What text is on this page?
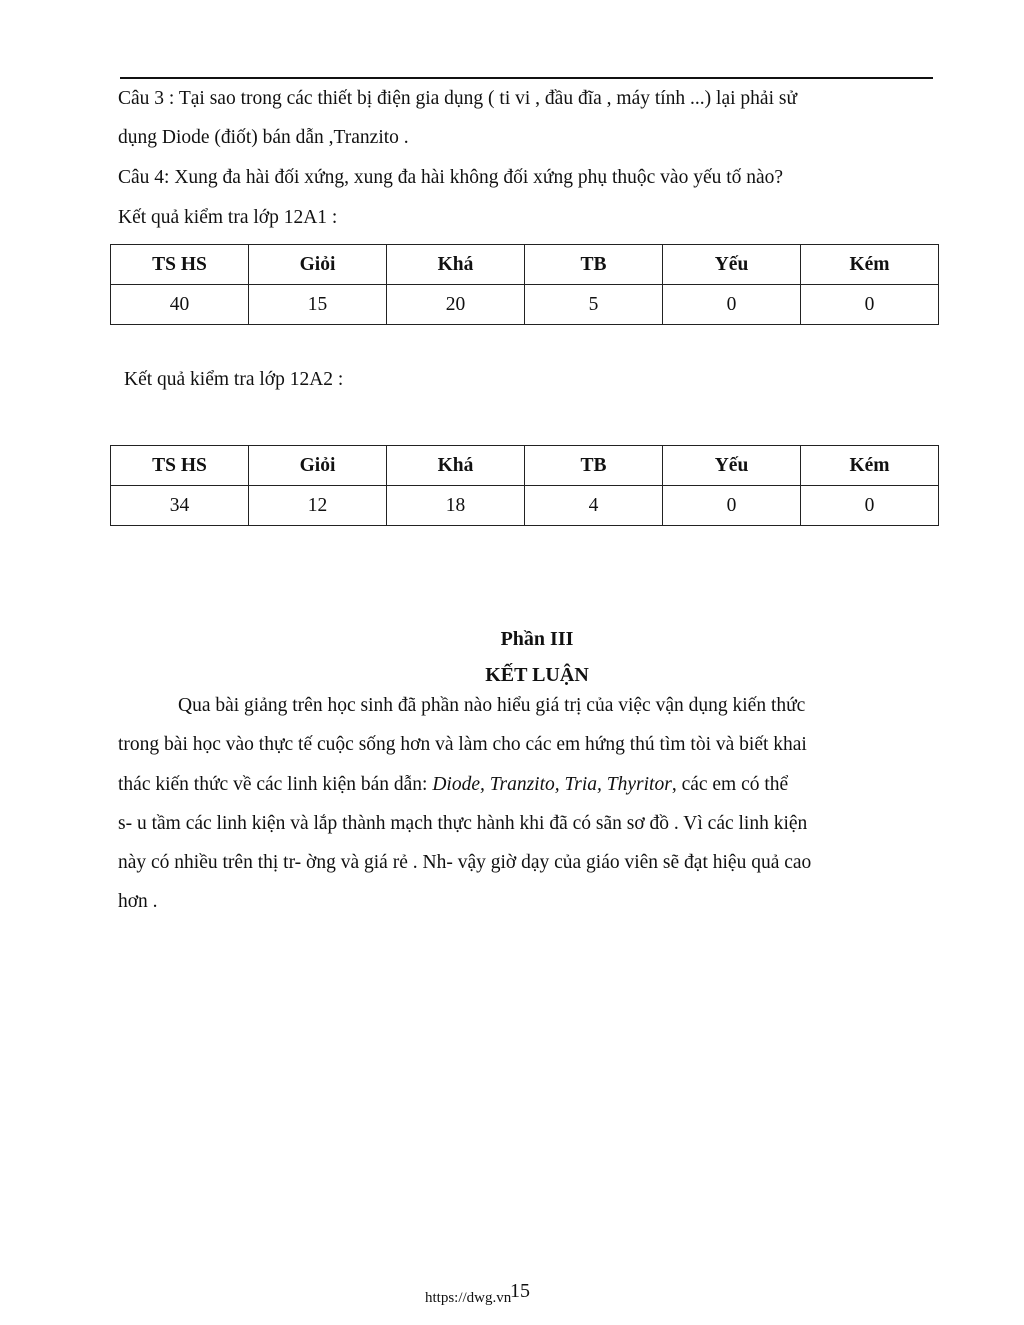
Câu 3 : Tại sao trong các thiết bị điện gia dụng ( ti vi , đầu đĩa , máy tính ...) lại phải sử
dụng Diode (điốt) bán dẫn ,Tranzito .
Câu 4: Xung đa hài đối xứng, xung đa hài không đối xứng phụ thuộc vào yếu tố nào?
Kết quả kiểm tra lớp 12A1 :
TS HS	Giỏi	Khá	TB	Yếu	Kém
40	15	20	5	0	0
Kết quả kiểm tra lớp 12A2 :
TS HS	Giỏi	Khá	TB	Yếu	Kém
34	12	18	4	0	0
Phần III
KẾT LUẬN
Qua bài giảng trên học sinh đã phần nào hiểu giá trị của việc vận dụng kiến thức
trong bài học vào thực tế cuộc sống hơn và làm cho các em hứng thú tìm tòi và biết khai
thác kiến thức về các linh kiện bán dẫn: Diode, Tranzito, Tria, Thyritor, các em có thể
s- u tầm các linh kiện và lắp thành mạch thực hành khi đã có sãn sơ đồ . Vì các linh kiện
này có nhiều trên thị tr- ờng và giá rẻ . Nh- vậy giờ dạy của giáo viên sẽ đạt hiệu quả cao
hơn .
https://dwg.vn
15
